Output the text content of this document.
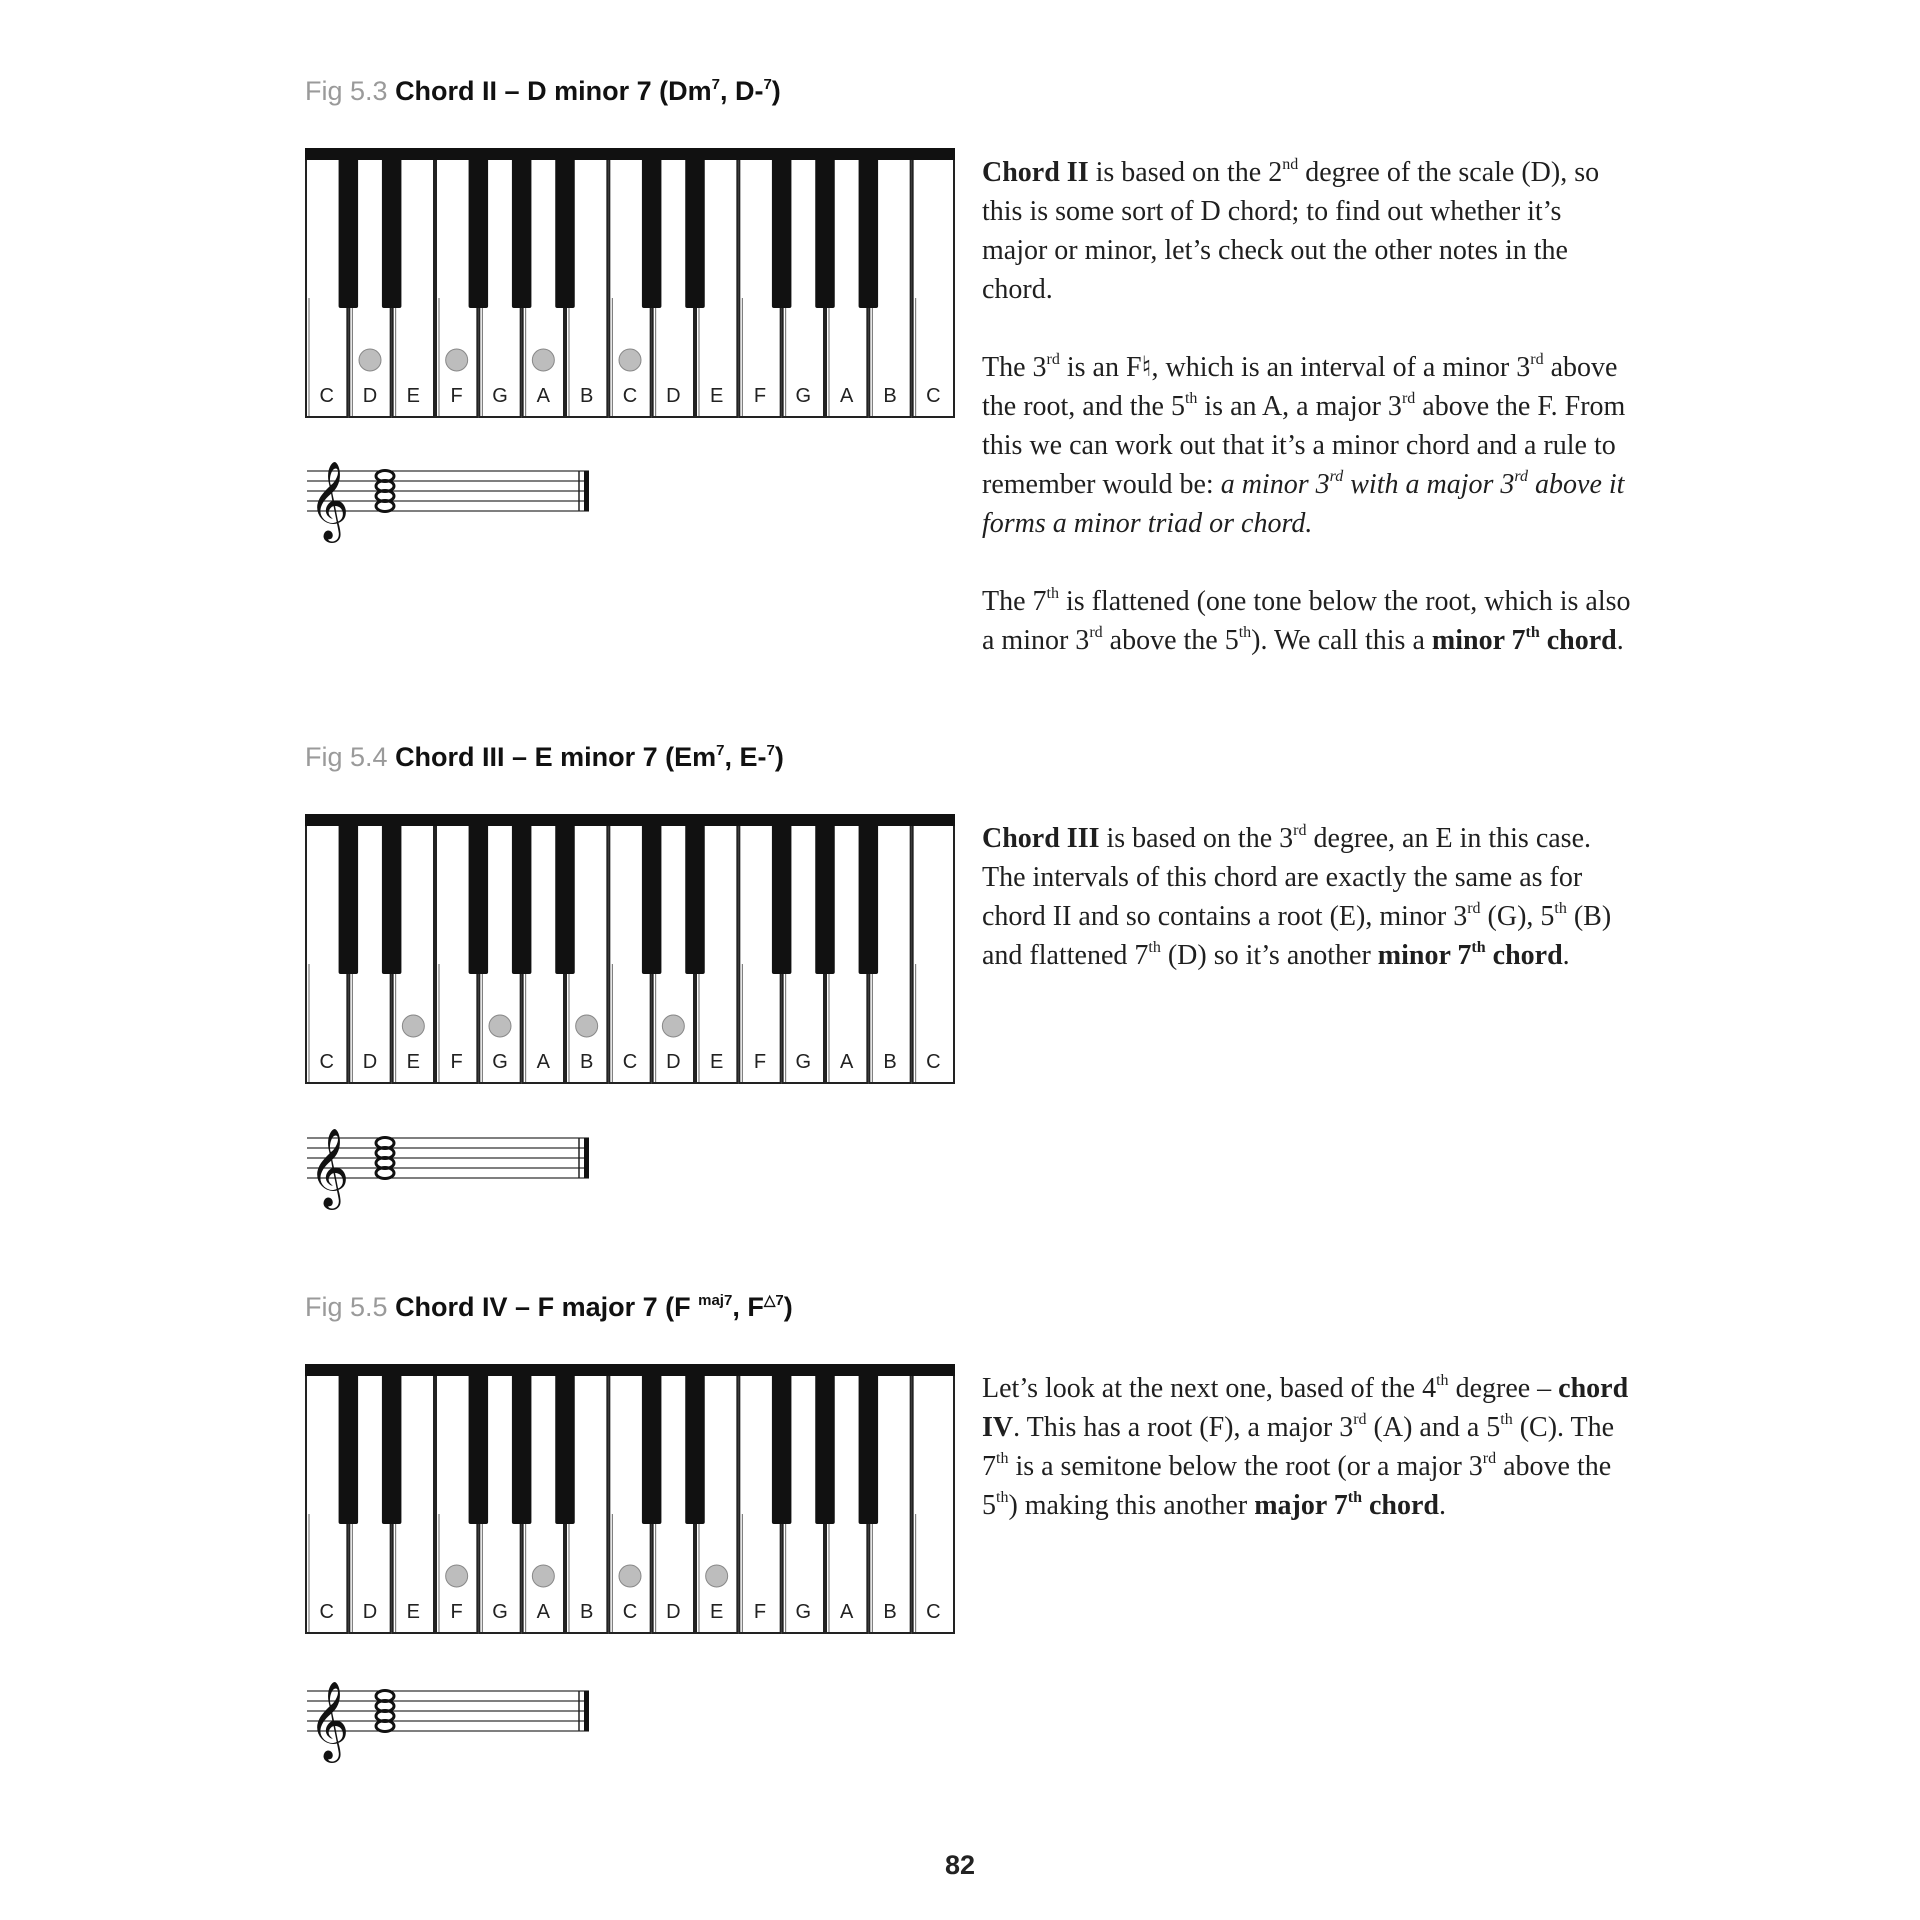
Fig 5.3 Chord II – D minor 7 (Dm$^7$, D-$^7$)
C D E F G A B C D E F G A B C
𝄞

Chord II is based on the 2nd degree of the scale (D), so this is some sort of D chord; to find out whether it’s major or minor, let’s check out the other notes in the chord.

The 3rd is an F♮, which is an interval of a minor 3rd above the root, and the 5th is an A, a major 3rd above the F. From this we can work out that it’s a minor chord and a rule to remember would be: a minor 3rd with a major 3rd above it forms a minor triad or chord.

The 7th is flattened (one tone below the root, which is also a minor 3rd above the 5th). We call this a minor 7th chord.

Fig 5.4 Chord III – E minor 7 (Em$^7$, E-$^7$)
C D E F G A B C D E F G A B C
𝄞

Chord III is based on the 3rd degree, an E in this case. The intervals of this chord are exactly the same as for chord II and so contains a root (E), minor 3rd (G), 5th (B) and flattened 7th (D) so it’s another minor 7th chord.

Fig 5.5 Chord IV – F major 7 (F $^{maj7}$, $F^{\triangle 7}$)
C D E F G A B C D E F G A B C
𝄞

Let’s look at the next one, based of the 4th degree – chord IV. This has a root (F), a major 3rd (A) and a 5th (C). The 7th is a semitone below the root (or a major 3rd above the 5th) making this another major 7th chord.

82
